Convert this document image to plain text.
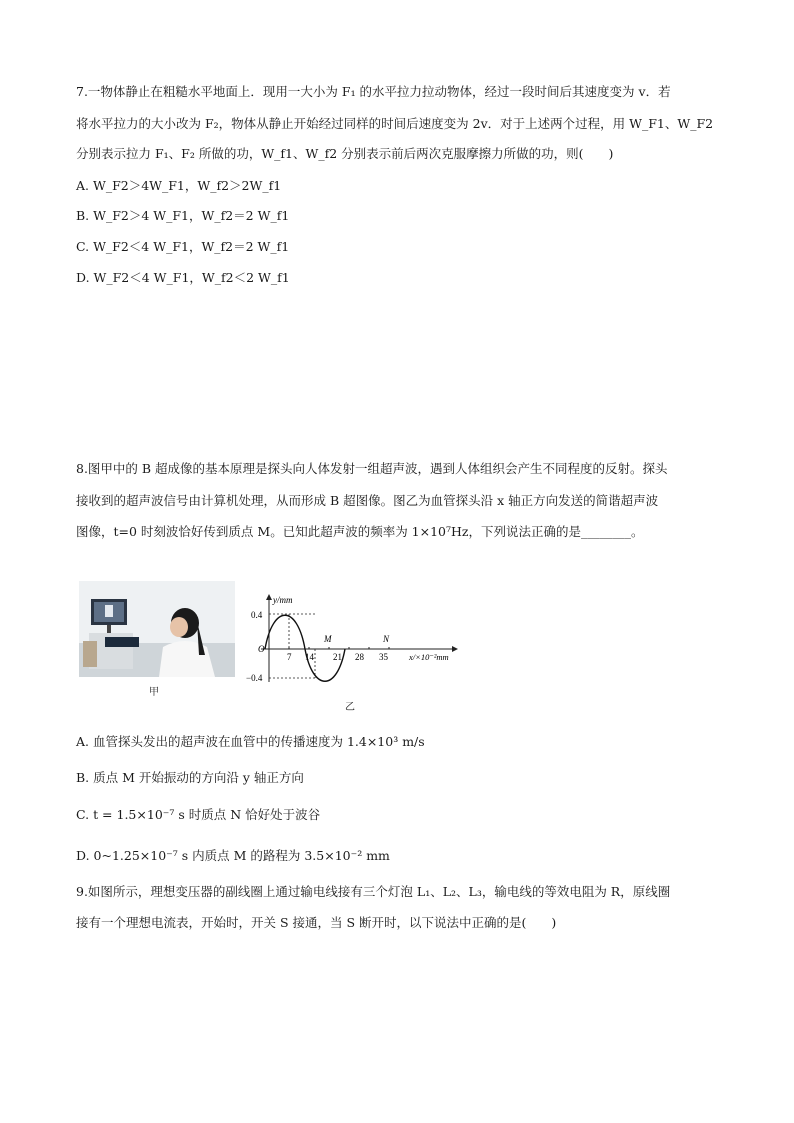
7.一物体静止在粗糙水平地面上．现用一大小为 F₁ 的水平拉力拉动物体，经过一段时间后其速度变为 v．若
将水平拉力的大小改为 F₂，物体从静止开始经过同样的时间后速度变为 2v．对于上述两个过程，用 W_F1、W_F2
分别表示拉力 F₁、F₂ 所做的功，W_f1、W_f2 分别表示前后两次克服摩擦力所做的功，则(　　)
A. W_F2＞4W_F1，W_f2＞2W_f1
B. W_F2＞4 W_F1，W_f2＝2 W_f1
C. W_F2＜4 W_F1，W_f2＝2 W_f1
D. W_F2＜4 W_F1，W_f2＜2 W_f1
8.图甲中的 B 超成像的基本原理是探头向人体发射一组超声波，遇到人体组织会产生不同程度的反射。探头
接收到的超声波信号由计算机处理，从而形成 B 超图像。图乙为血管探头沿 x 轴正方向发送的简谐超声波
图像，t=0 时刻波恰好传到质点 M。已知此超声波的频率为 1×10⁷Hz，下列说法正确的是________。
甲
y/mm
0.4
−0.4
O
7 14 21 28 35
M	N
x/×10⁻²mm
乙
A. 血管探头发出的超声波在血管中的传播速度为 1.4×10³ m/s
B. 质点 M 开始振动的方向沿 y 轴正方向
C. t = 1.5×10⁻⁷ s 时质点 N 恰好处于波谷
D. 0~1.25×10⁻⁷ s 内质点 M 的路程为 3.5×10⁻² mm
9.如图所示，理想变压器的副线圈上通过输电线接有三个灯泡 L₁、L₂、L₃，输电线的等效电阻为 R，原线圈
接有一个理想电流表，开始时，开关 S 接通，当 S 断开时，以下说法中正确的是(　　)
